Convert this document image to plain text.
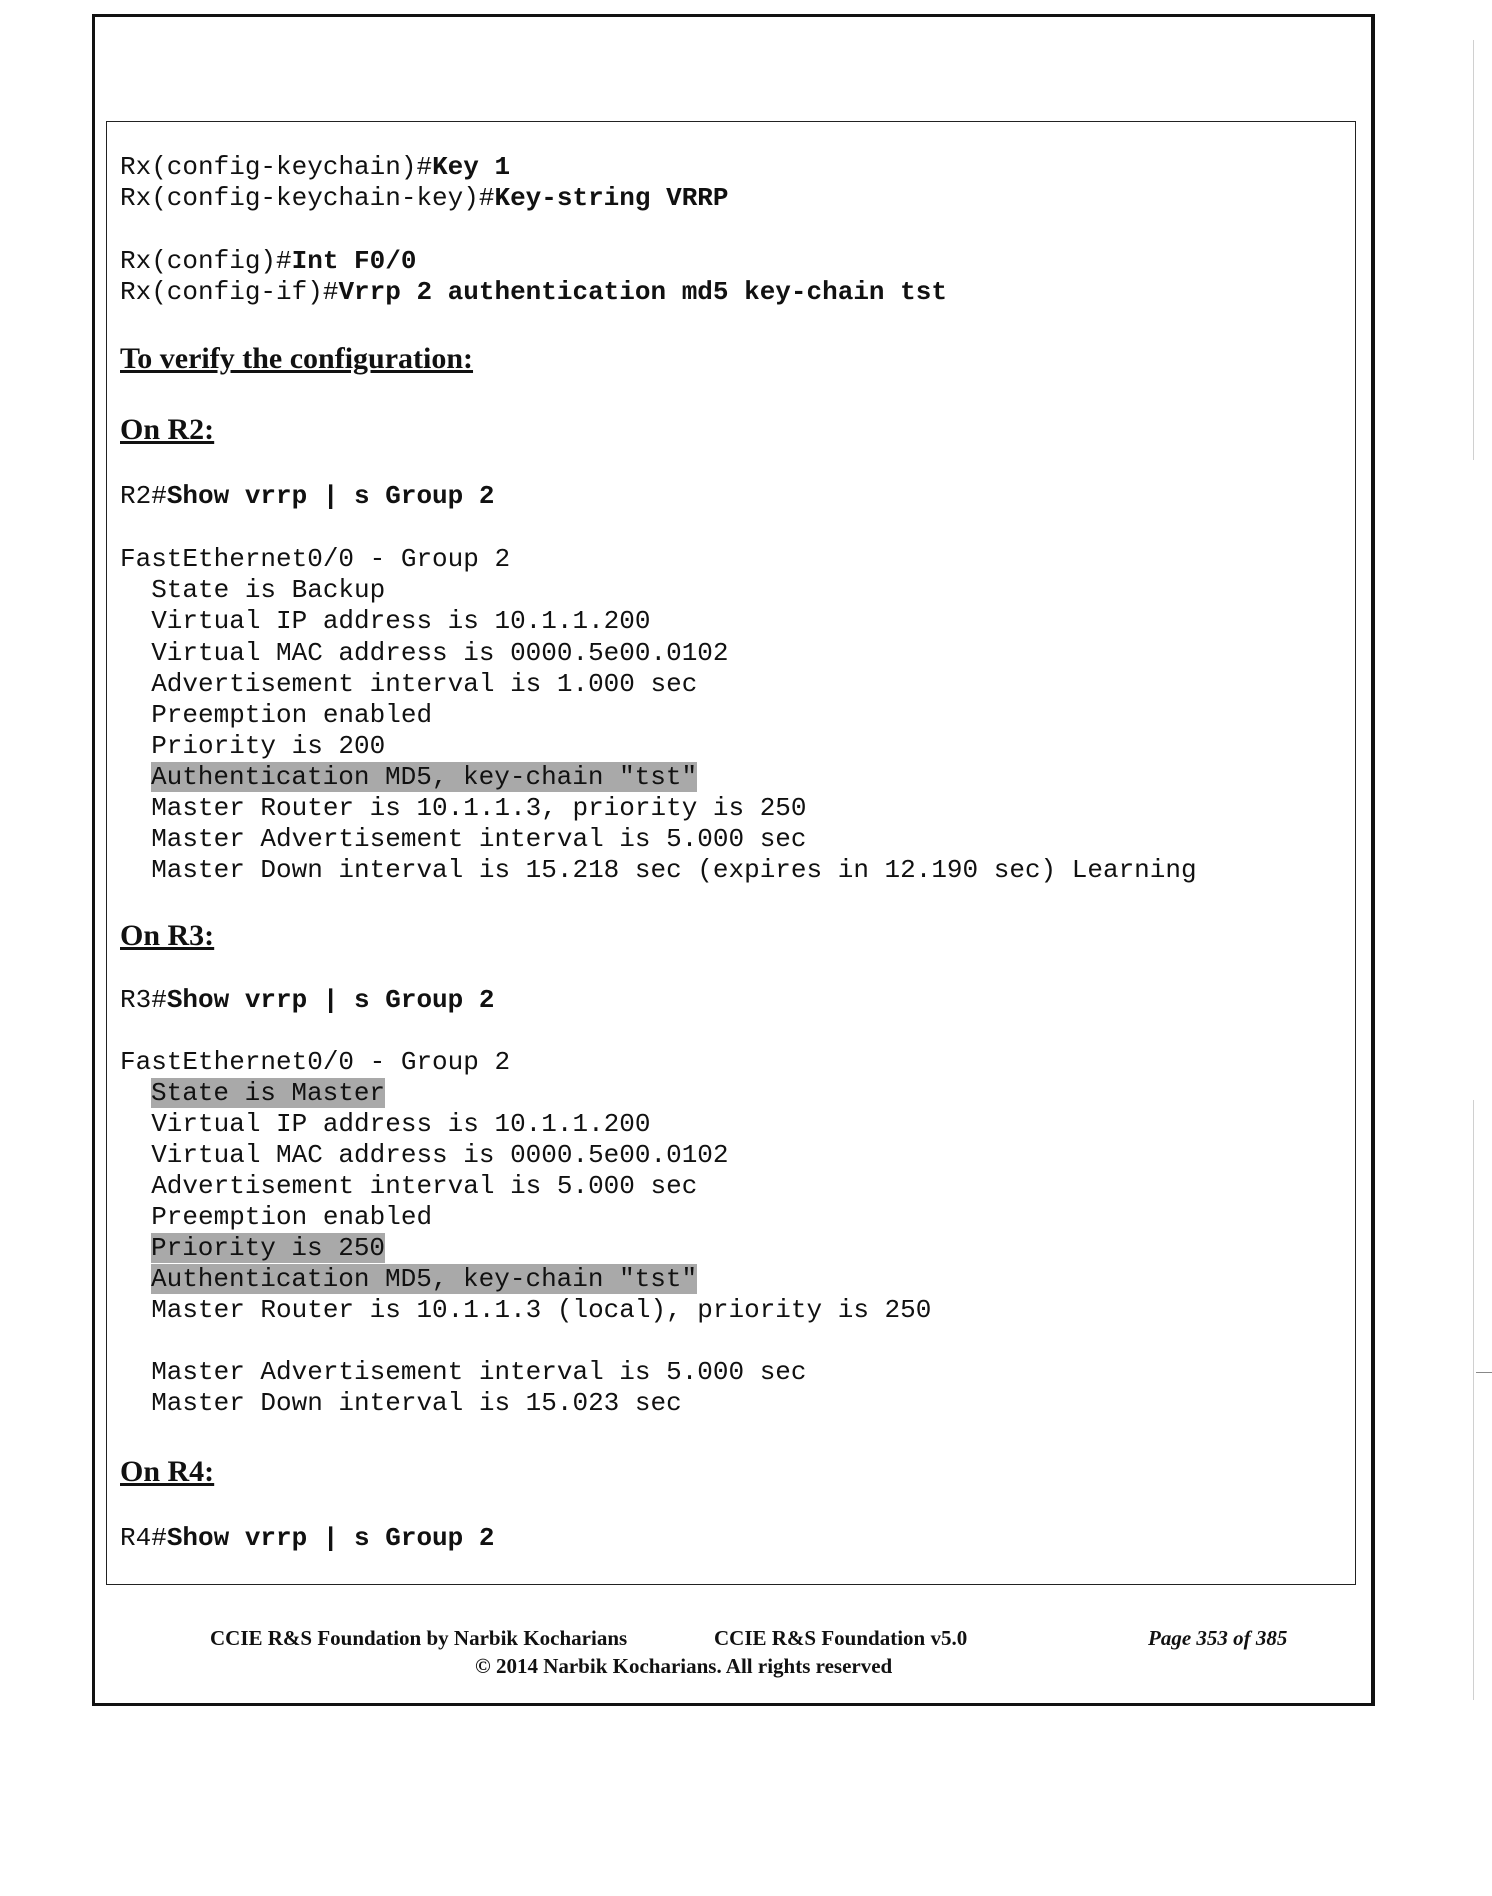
Rx(config-keychain)#Key 1
Rx(config-keychain-key)#Key-string VRRP
Rx(config)#Int F0/0
Rx(config-if)#Vrrp 2 authentication md5 key-chain tst
To verify the configuration:
On R2:
R2#Show vrrp | s Group 2
FastEthernet0/0 - Group 2
State is Backup
Virtual IP address is 10.1.1.200
Virtual MAC address is 0000.5e00.0102
Advertisement interval is 1.000 sec
Preemption enabled
Priority is 200
Authentication MD5, key-chain "tst"
Master Router is 10.1.1.3, priority is 250
Master Advertisement interval is 5.000 sec
Master Down interval is 15.218 sec (expires in 12.190 sec) Learning
On R3:
R3#Show vrrp | s Group 2
FastEthernet0/0 - Group 2
State is Master
Virtual IP address is 10.1.1.200
Virtual MAC address is 0000.5e00.0102
Advertisement interval is 5.000 sec
Preemption enabled
Priority is 250
Authentication MD5, key-chain "tst"
Master Router is 10.1.1.3 (local), priority is 250
Master Advertisement interval is 5.000 sec
Master Down interval is 15.023 sec
On R4:
R4#Show vrrp | s Group 2
CCIE R&S Foundation by Narbik Kocharians	CCIE R&S Foundation v5.0	Page 353 of 385
© 2014 Narbik Kocharians. All rights reserved
